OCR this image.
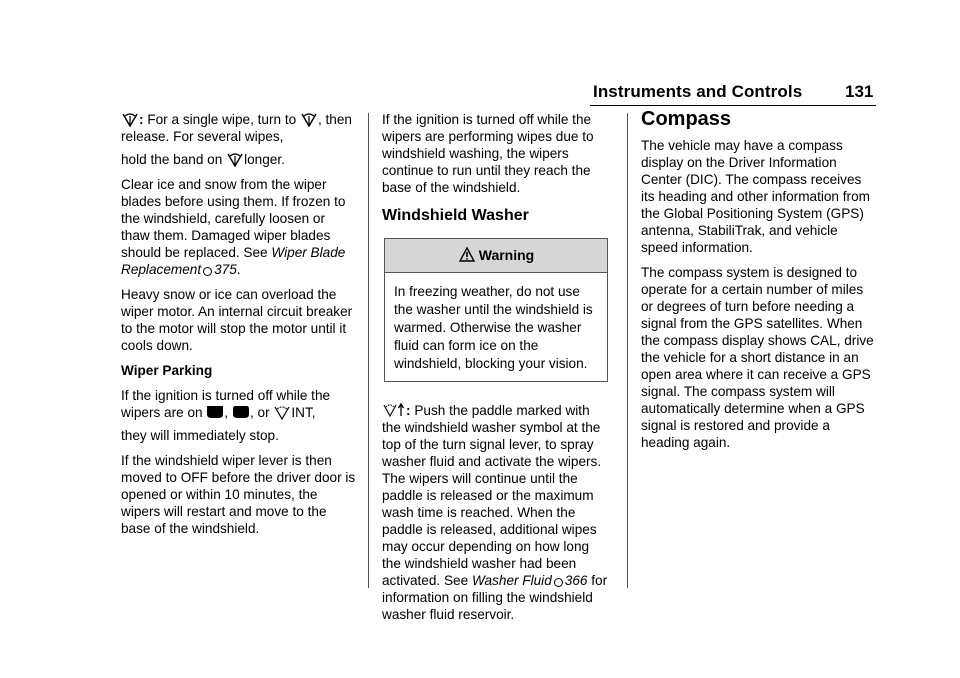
Instruments and Controls	131

: For a single wipe, turn to , then release. For several wipes,
hold the band on longer.

Clear ice and snow from the wiper blades before using them. If frozen to the windshield, carefully loosen or thaw them. Damaged wiper blades should be replaced. See Wiper Blade Replacement 375.

Heavy snow or ice can overload the wiper motor. An internal circuit breaker to the motor will stop the motor until it cools down.

Wiper Parking

If the ignition is turned off while the wipers are on , , or INT,
they will immediately stop.

If the windshield wiper lever is then moved to OFF before the driver door is opened or within 10 minutes, the wipers will restart and move to the base of the windshield.

If the ignition is turned off while the wipers are performing wipes due to windshield washing, the wipers continue to run until they reach the base of the windshield.

Windshield Washer
Warning
In freezing weather, do not use the washer until the windshield is warmed. Otherwise the washer fluid can form ice on the windshield, blocking your vision.

: Push the paddle marked with the windshield washer symbol at the top of the turn signal lever, to spray washer fluid and activate the wipers. The wipers will continue until the paddle is released or the maximum wash time is reached. When the paddle is released, additional wipes may occur depending on how long the windshield washer had been activated. See Washer Fluid 366 for information on filling the windshield washer fluid reservoir.

Compass

The vehicle may have a compass display on the Driver Information Center (DIC). The compass receives its heading and other information from the Global Positioning System (GPS) antenna, StabiliTrak, and vehicle speed information.

The compass system is designed to operate for a certain number of miles or degrees of turn before needing a signal from the GPS satellites. When the compass display shows CAL, drive the vehicle for a short distance in an open area where it can receive a GPS signal. The compass system will automatically determine when a GPS signal is restored and provide a heading again.
